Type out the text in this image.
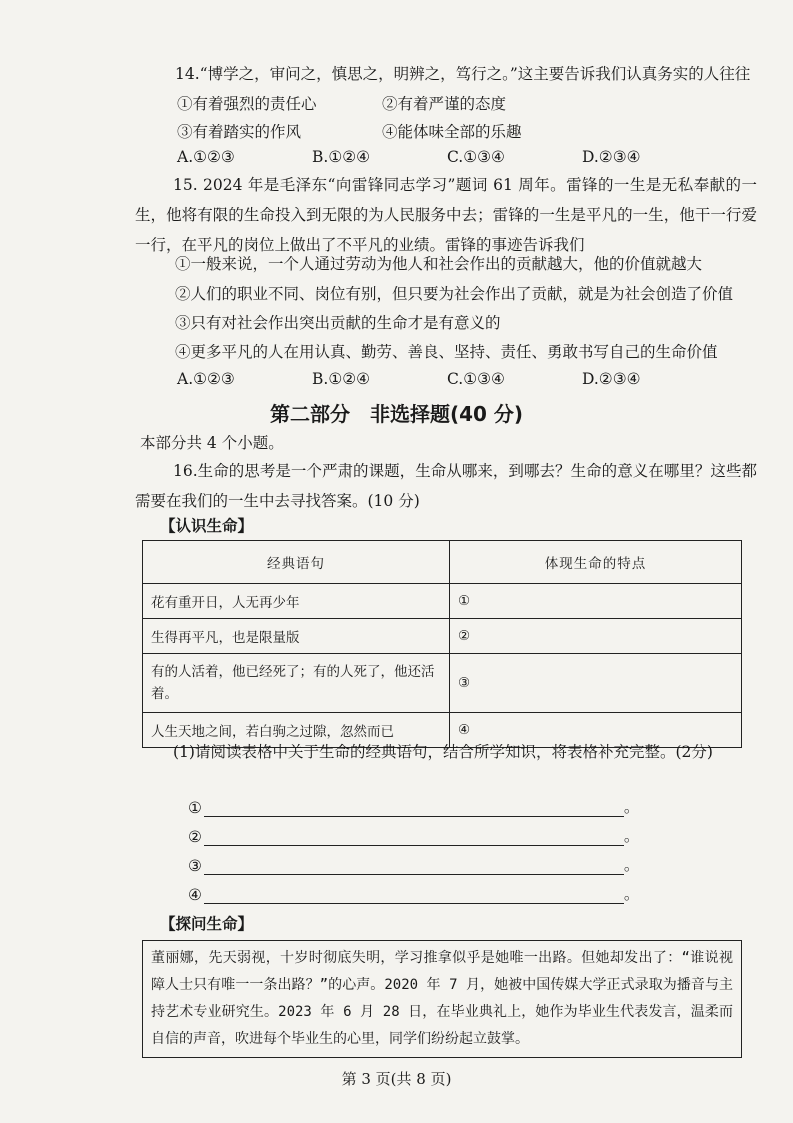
14.“博学之，审问之，慎思之，明辨之，笃行之。”这主要告诉我们认真务实的人往往
①有着强烈的责任心	②有着严谨的态度
③有着踏实的作风	④能体味全部的乐趣
A.①②③	B.①②④	C.①③④	D.②③④
15. 2024 年是毛泽东“向雷锋同志学习”题词 61 周年。雷锋的一生是无私奉献的一生，他将有限的生命投入到无限的为人民服务中去；雷锋的一生是平凡的一生，他干一行爱一行，在平凡的岗位上做出了不平凡的业绩。雷锋的事迹告诉我们
①一般来说，一个人通过劳动为他人和社会作出的贡献越大，他的价值就越大
②人们的职业不同、岗位有别，但只要为社会作出了贡献，就是为社会创造了价值
③只有对社会作出突出贡献的生命才是有意义的
④更多平凡的人在用认真、勤劳、善良、坚持、责任、勇敢书写自己的生命价值
A.①②③	B.①②④	C.①③④	D.②③④
第二部分　非选择题(40 分)
本部分共 4 个小题。
16.生命的思考是一个严肃的课题，生命从哪来，到哪去？生命的意义在哪里？这些都需要在我们的一生中去寻找答案。(10 分)
【认识生命】
经典语句	体现生命的特点
花有重开日，人无再少年	①
生得再平凡，也是限量版	②
有的人活着，他已经死了；有的人死了，他还活着。	③
人生天地之间，若白驹之过隙，忽然而已	④
(1)请阅读表格中关于生命的经典语句，结合所学知识，将表格补充完整。(2分)
①	。
②	。
③	。
④	。
【探问生命】
董丽娜，先天弱视，十岁时彻底失明，学习推拿似乎是她唯一出路。但她却发出了：“谁说视障人士只有唯一一条出路？”的心声。2020 年 7 月，她被中国传媒大学正式录取为播音与主持艺术专业研究生。2023 年 6 月 28 日，在毕业典礼上，她作为毕业生代表发言，温柔而自信的声音，吹进每个毕业生的心里，同学们纷纷起立鼓掌。
第 3 页(共 8 页)
